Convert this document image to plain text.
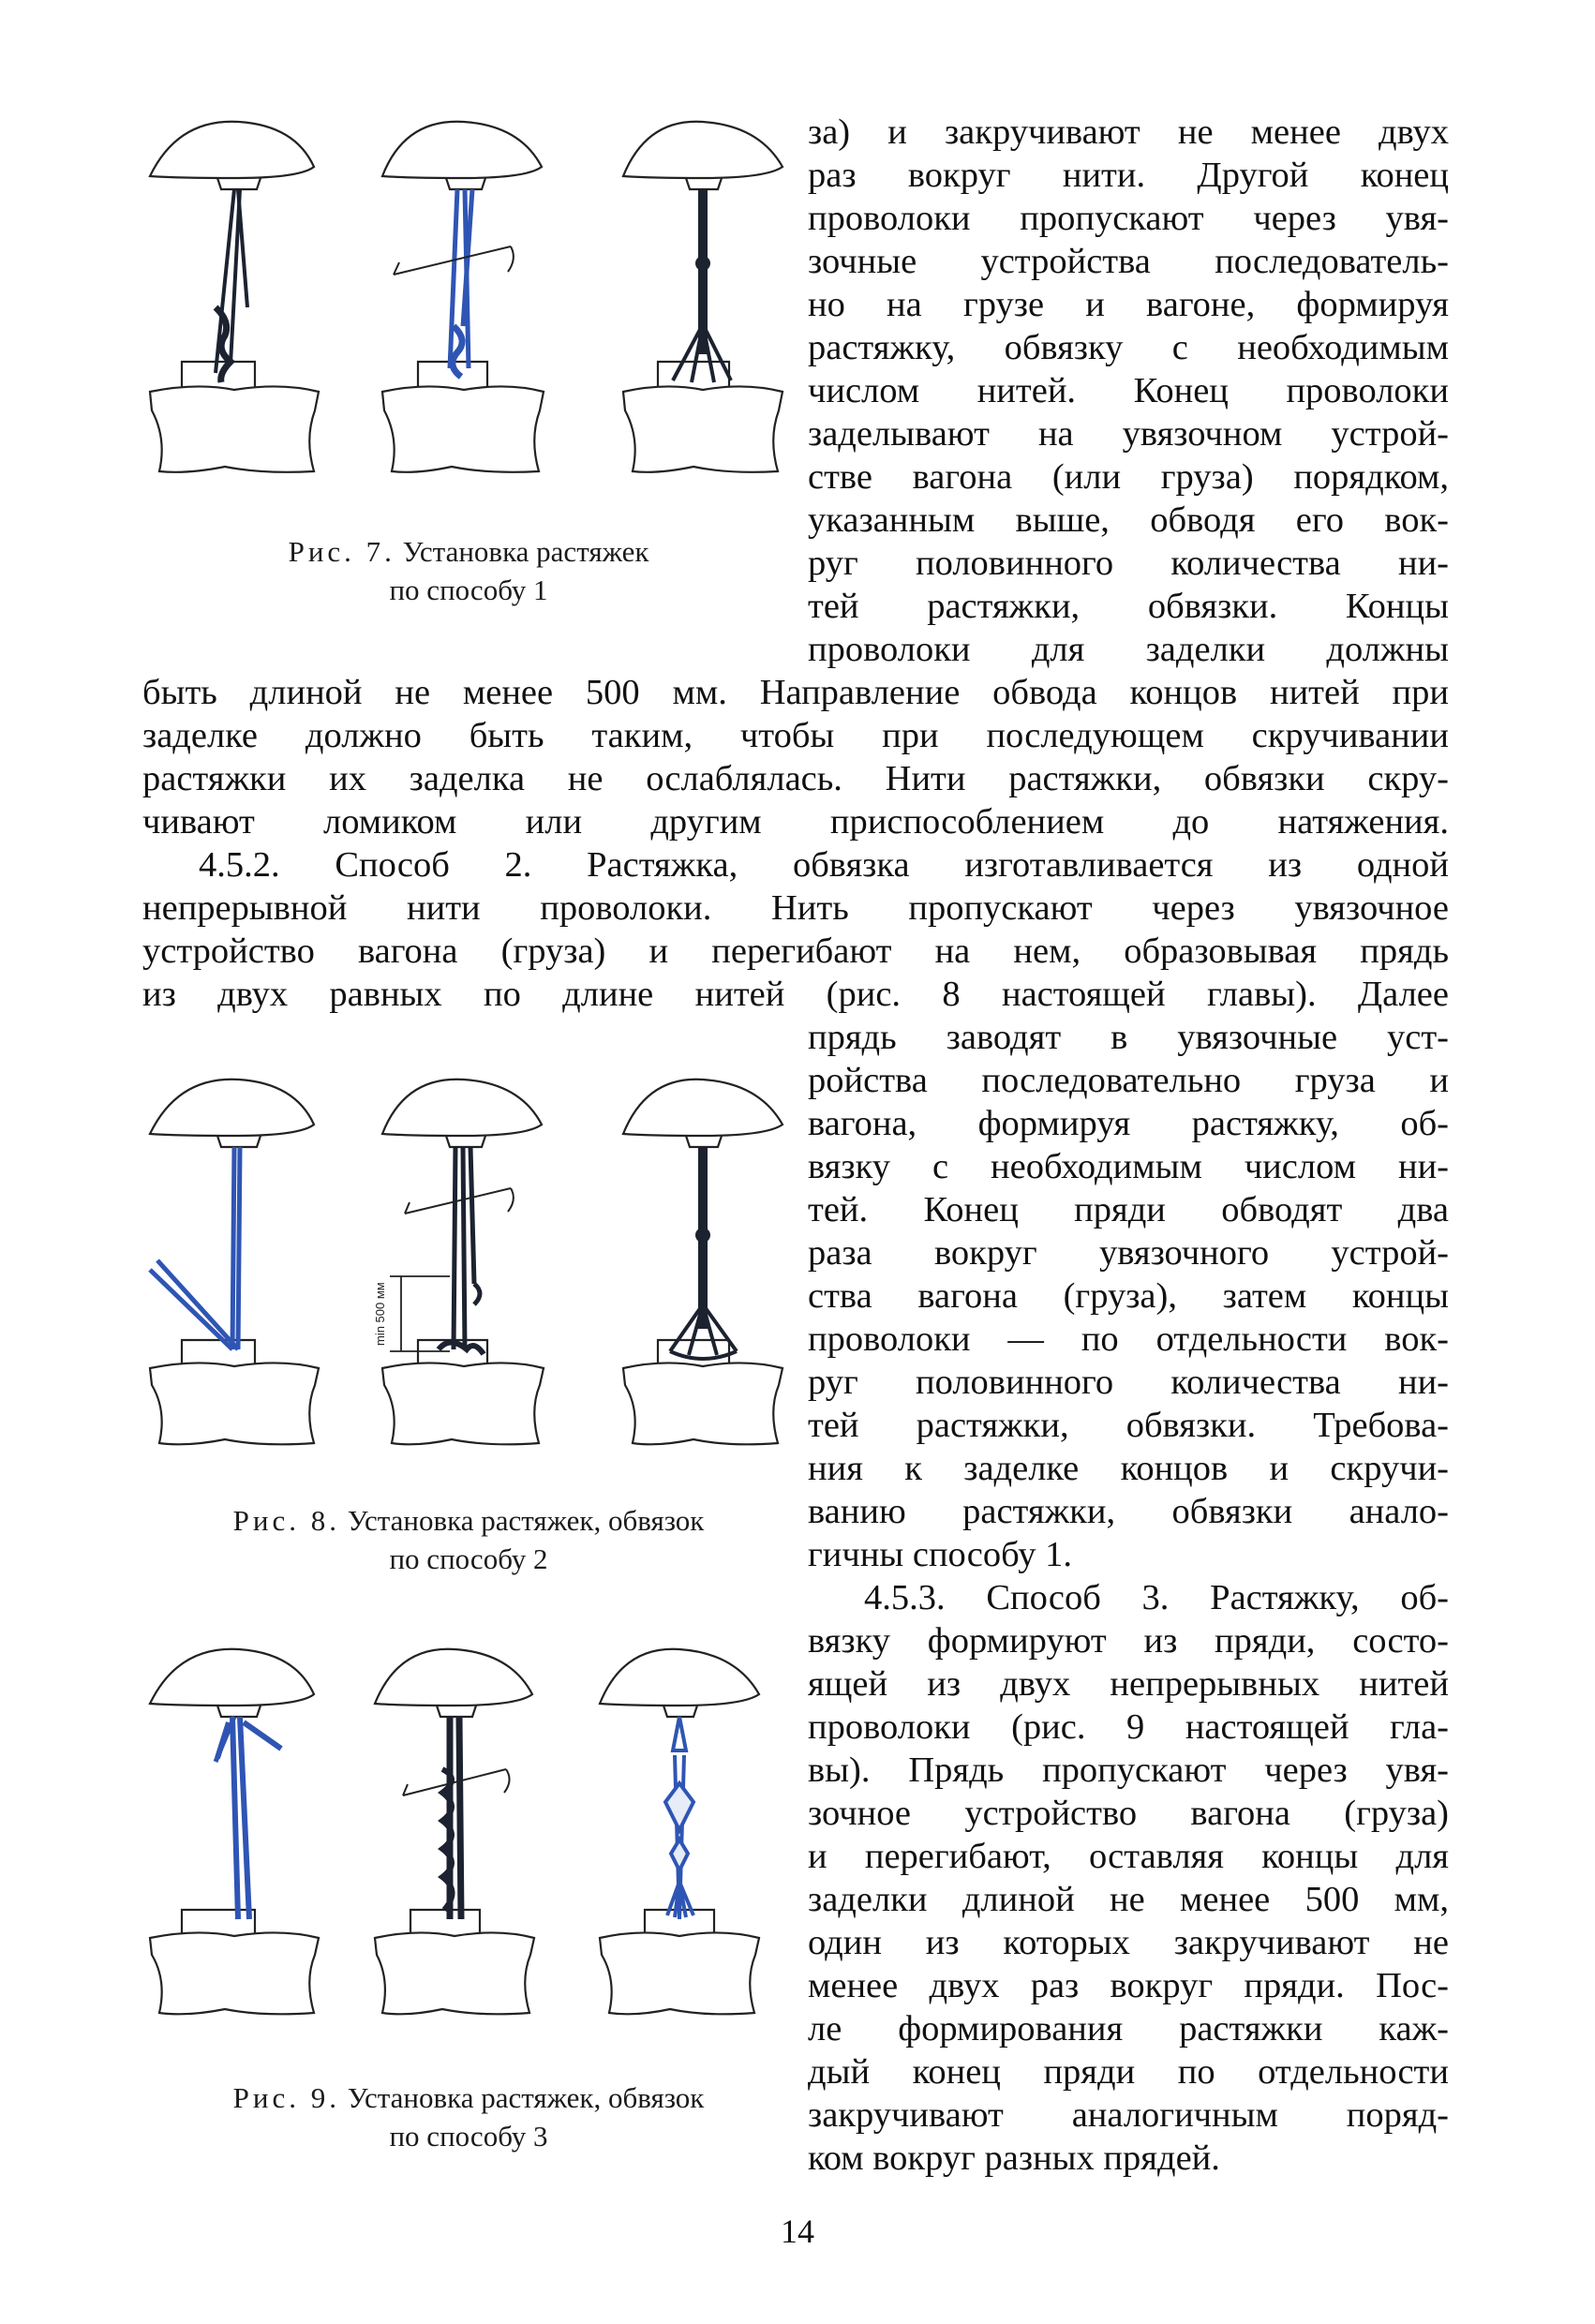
Рис. 7. Установка растяжек
по способу 1
min 500 мм
Рис. 8. Установка растяжек, обвязок
по способу 2
Рис. 9. Установка растяжек, обвязок
по способу 3

за) и закручивают не менее двух

раз вокруг нити. Другой конец

проволоки пропускают через увя-

зочные устройства последователь-

но на грузе и вагоне, формируя

растяжку, обвязку с необходимым

числом нитей. Конец проволоки

заделывают на увязочном устрой-

стве вагона (или груза) порядком,

указанным выше, обводя его вок-

руг половинного количества ни-

тей растяжки, обвязки. Концы

проволоки для заделки должны

быть длиной не менее 500 мм. Направление обвода концов нитей при

заделке должно быть таким, чтобы при последующем скручивании

растяжки их заделка не ослаблялась. Нити растяжки, обвязки скру-

чивают ломиком или другим приспособлением до натяжения.

4.5.2. Способ 2. Растяжка, обвязка изготавливается из одной

непрерывной нити проволоки. Нить пропускают через увязочное

устройство вагона (груза) и перегибают на нем, образовывая прядь

из двух равных по длине нитей (рис. 8 настоящей главы). Далее

прядь заводят в увязочные уст-

ройства последовательно груза и

вагона, формируя растяжку, об-

вязку с необходимым числом ни-

тей. Конец пряди обводят два

раза вокруг увязочного устрой-

ства вагона (груза), затем концы

проволоки — по отдельности вок-

руг половинного количества ни-

тей растяжки, обвязки. Требова-

ния к заделке концов и скручи-

ванию растяжки, обвязки анало-

гичны способу 1.

4.5.3. Способ 3. Растяжку, об-

вязку формируют из пряди, состо-

ящей из двух непрерывных нитей

проволоки (рис. 9 настоящей гла-

вы). Прядь пропускают через увя-

зочное устройство вагона (груза)

и перегибают, оставляя концы для

заделки длиной не менее 500 мм,

один из которых закручивают не

менее двух раз вокруг пряди. Пос-

ле формирования растяжки каж-

дый конец пряди по отдельности

закручивают аналогичным поряд-

ком вокруг разных прядей.

14
